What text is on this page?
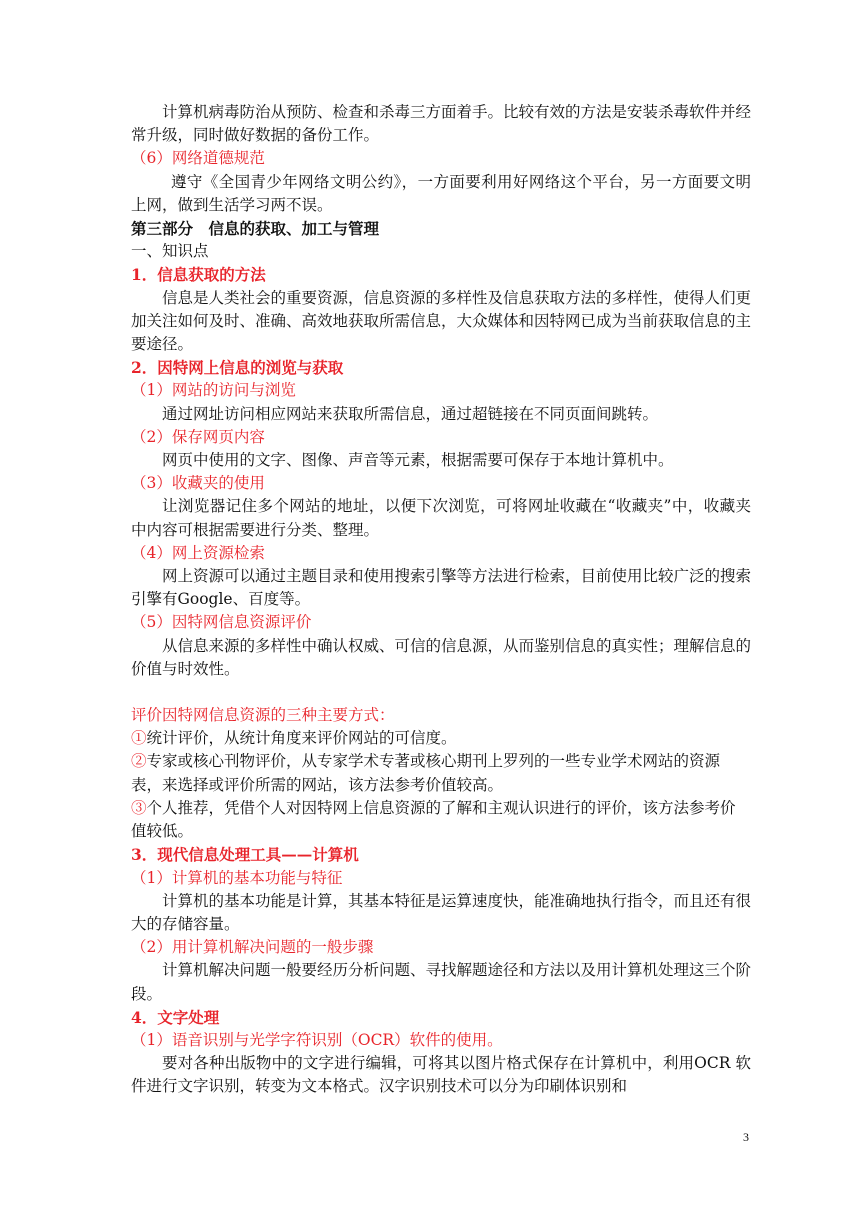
计算机病毒防治从预防、检查和杀毒三方面着手。比较有效的方法是安装杀毒软件并经常升级，同时做好数据的备份工作。

（6）网络道德规范

遵守《全国青少年网络文明公约》，一方面要利用好网络这个平台，另一方面要文明上网，做到生活学习两不误。

第三部分　信息的获取、加工与管理
一、知识点
1．信息获取的方法

信息是人类社会的重要资源，信息资源的多样性及信息获取方法的多样性，使得人们更加关注如何及时、准确、高效地获取所需信息，大众媒体和因特网已成为当前获取信息的主要途径。

2．因特网上信息的浏览与获取
（1）网站的访问与浏览

通过网址访问相应网站来获取所需信息，通过超链接在不同页面间跳转。

（2）保存网页内容

网页中使用的文字、图像、声音等元素，根据需要可保存于本地计算机中。

（3）收藏夹的使用

让浏览器记住多个网站的地址，以便下次浏览，可将网址收藏在“收藏夹”中，收藏夹中内容可根据需要进行分类、整理。

（4）网上资源检索

网上资源可以通过主题目录和使用搜索引擎等方法进行检索，目前使用比较广泛的搜索引擎有Google、百度等。

（5）因特网信息资源评价

从信息来源的多样性中确认权威、可信的信息源，从而鉴别信息的真实性；理解信息的价值与时效性。

评价因特网信息资源的三种主要方式：

①统计评价，从统计角度来评价网站的可信度。

②专家或核心刊物评价，从专家学术专著或核心期刊上罗列的一些专业学术网站的资源表，来选择或评价所需的网站，该方法参考价值较高。

③个人推荐，凭借个人对因特网上信息资源的了解和主观认识进行的评价，该方法参考价值较低。

3．现代信息处理工具——计算机
（1）计算机的基本功能与特征

计算机的基本功能是计算，其基本特征是运算速度快，能准确地执行指令，而且还有很大的存储容量。

（2）用计算机解决问题的一般步骤

计算机解决问题一般要经历分析问题、寻找解题途径和方法以及用计算机处理这三个阶段。

4．文字处理
（1）语音识别与光学字符识别（OCR）软件的使用。

要对各种出版物中的文字进行编辑，可将其以图片格式保存在计算机中，利用OCR 软件进行文字识别，转变为文本格式。汉字识别技术可以分为印刷体识别和

3
